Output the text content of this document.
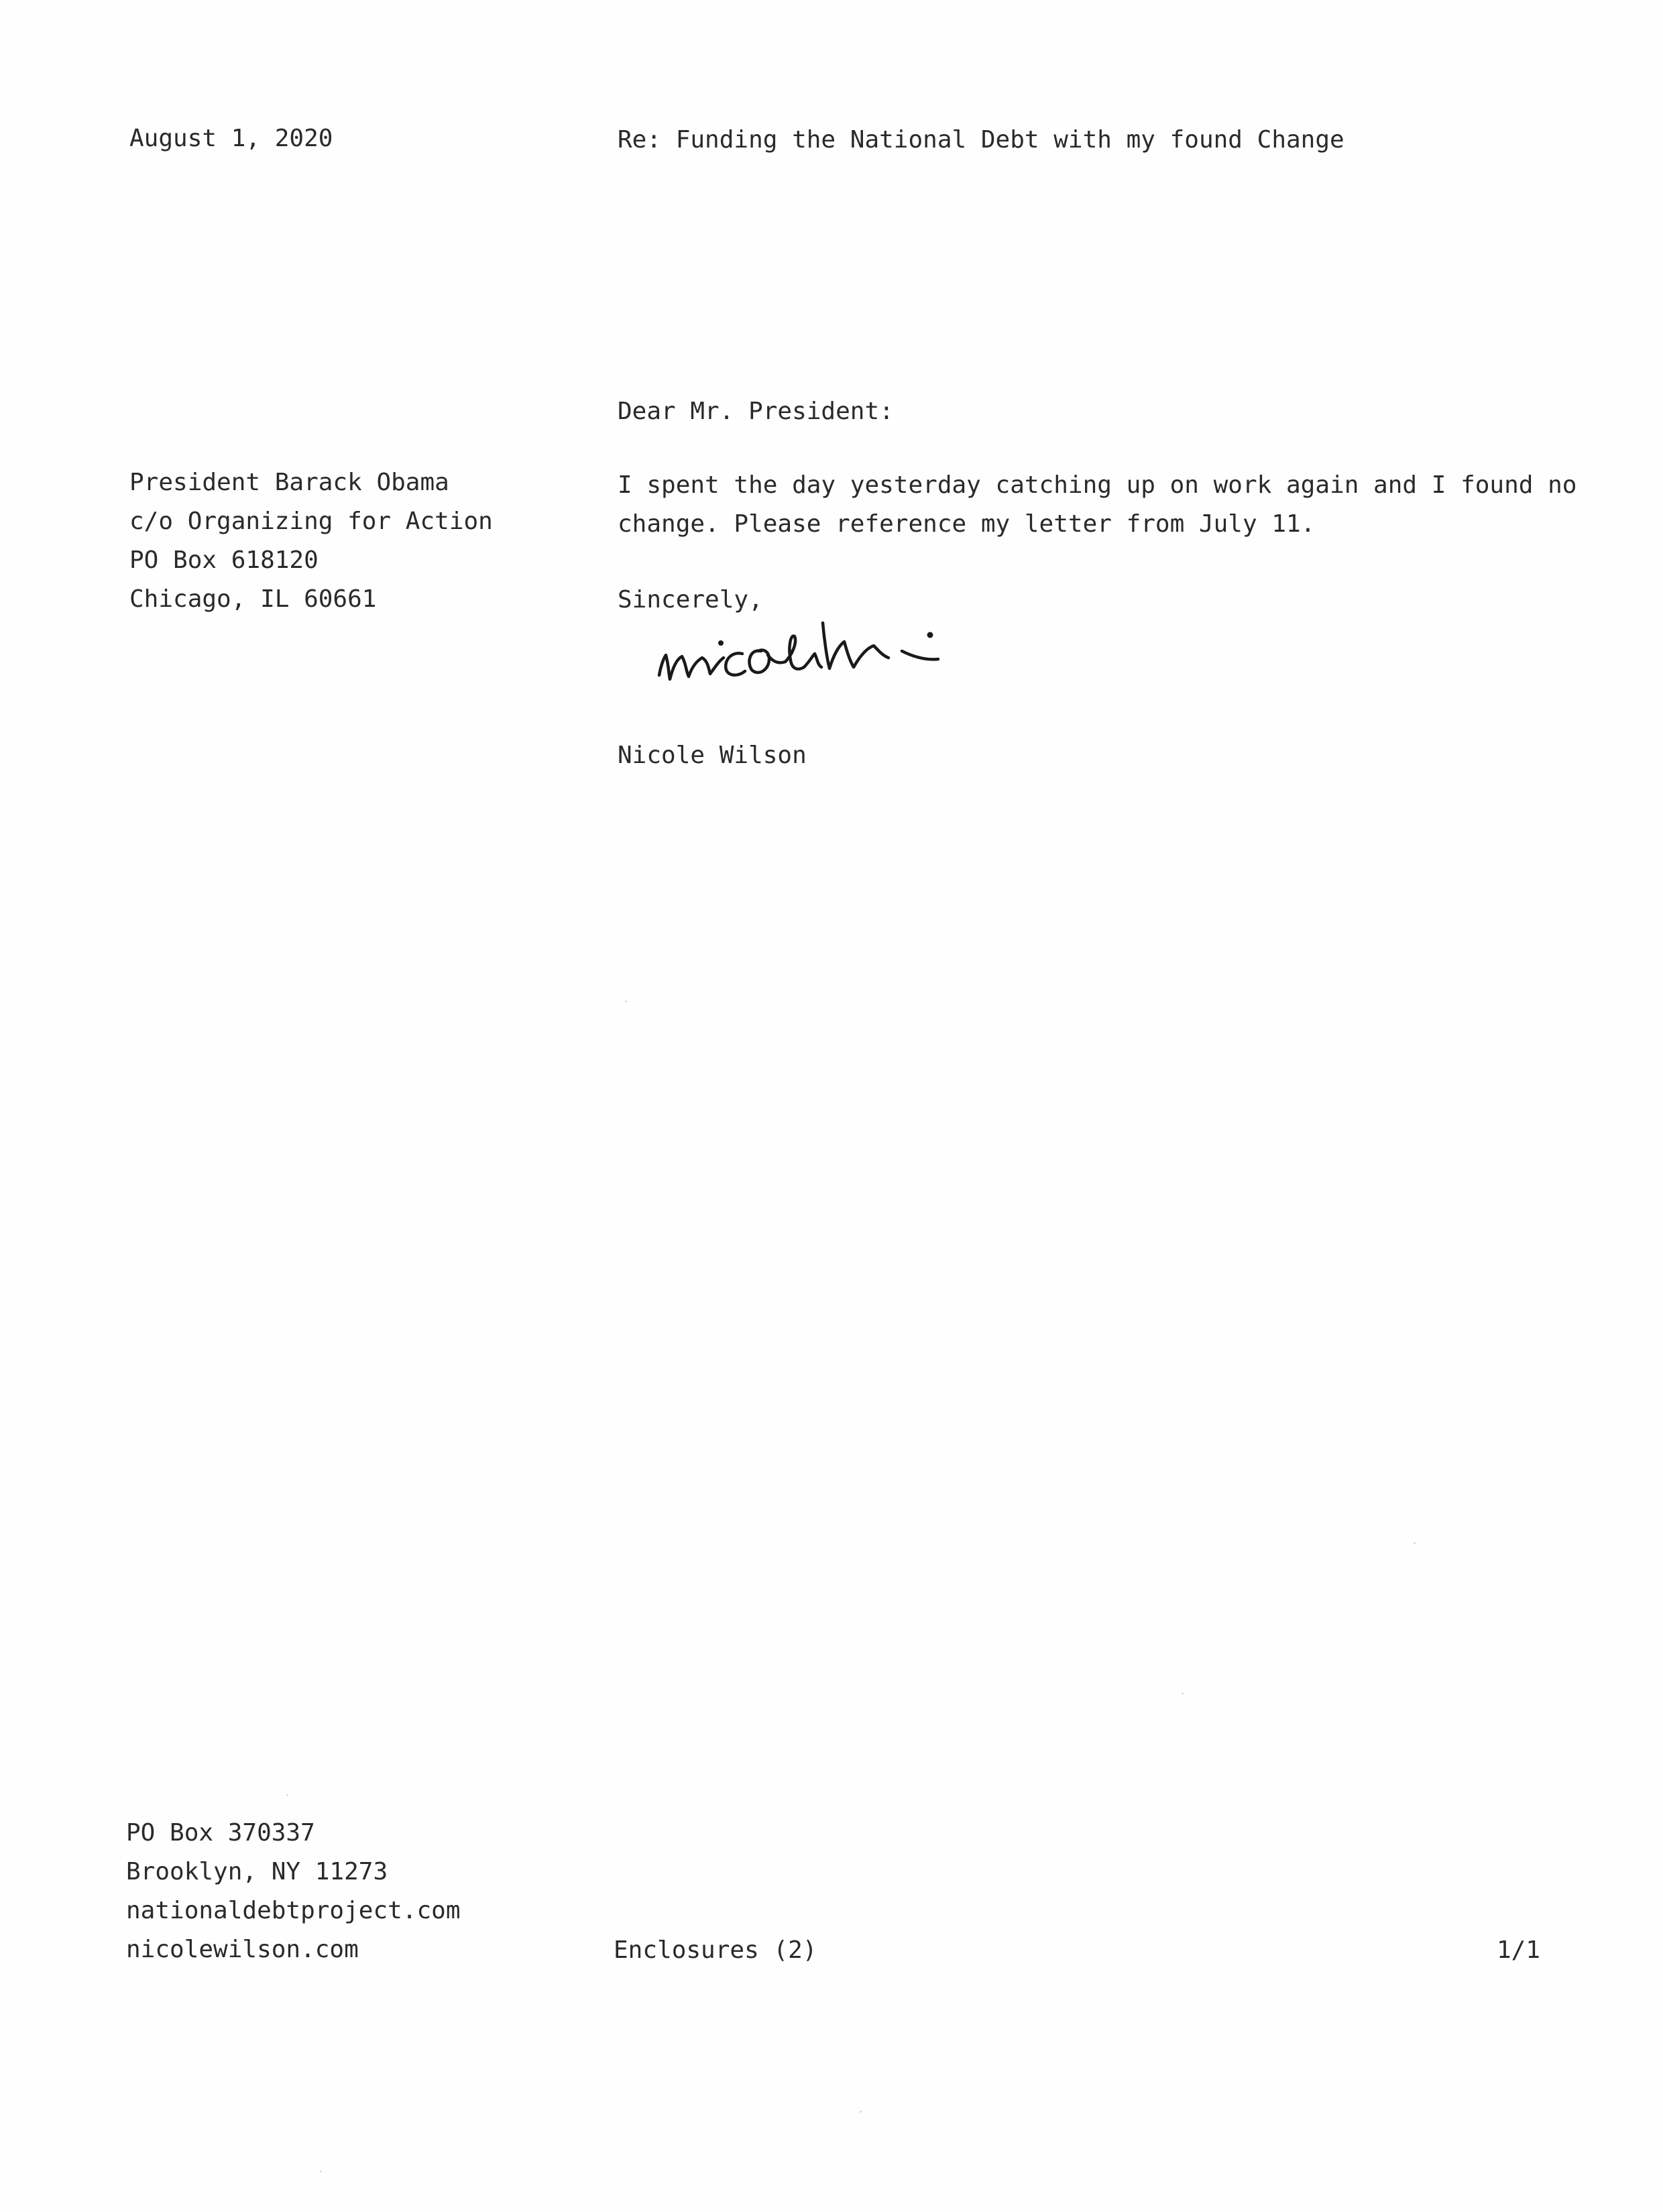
August 1, 2020	Re: Funding the National Debt with my found Change
Dear Mr. President:
President Barack Obama
c/o Organizing for Action
PO Box 618120
Chicago, IL 60661
I spent the day yesterday catching up on work again and I found no
change. Please reference my letter from July 11.
Sincerely,
Nicole Wilson
PO Box 370337
Brooklyn, NY 11273
nationaldebtproject.com
nicolewilson.com	Enclosures (2)	1/1
